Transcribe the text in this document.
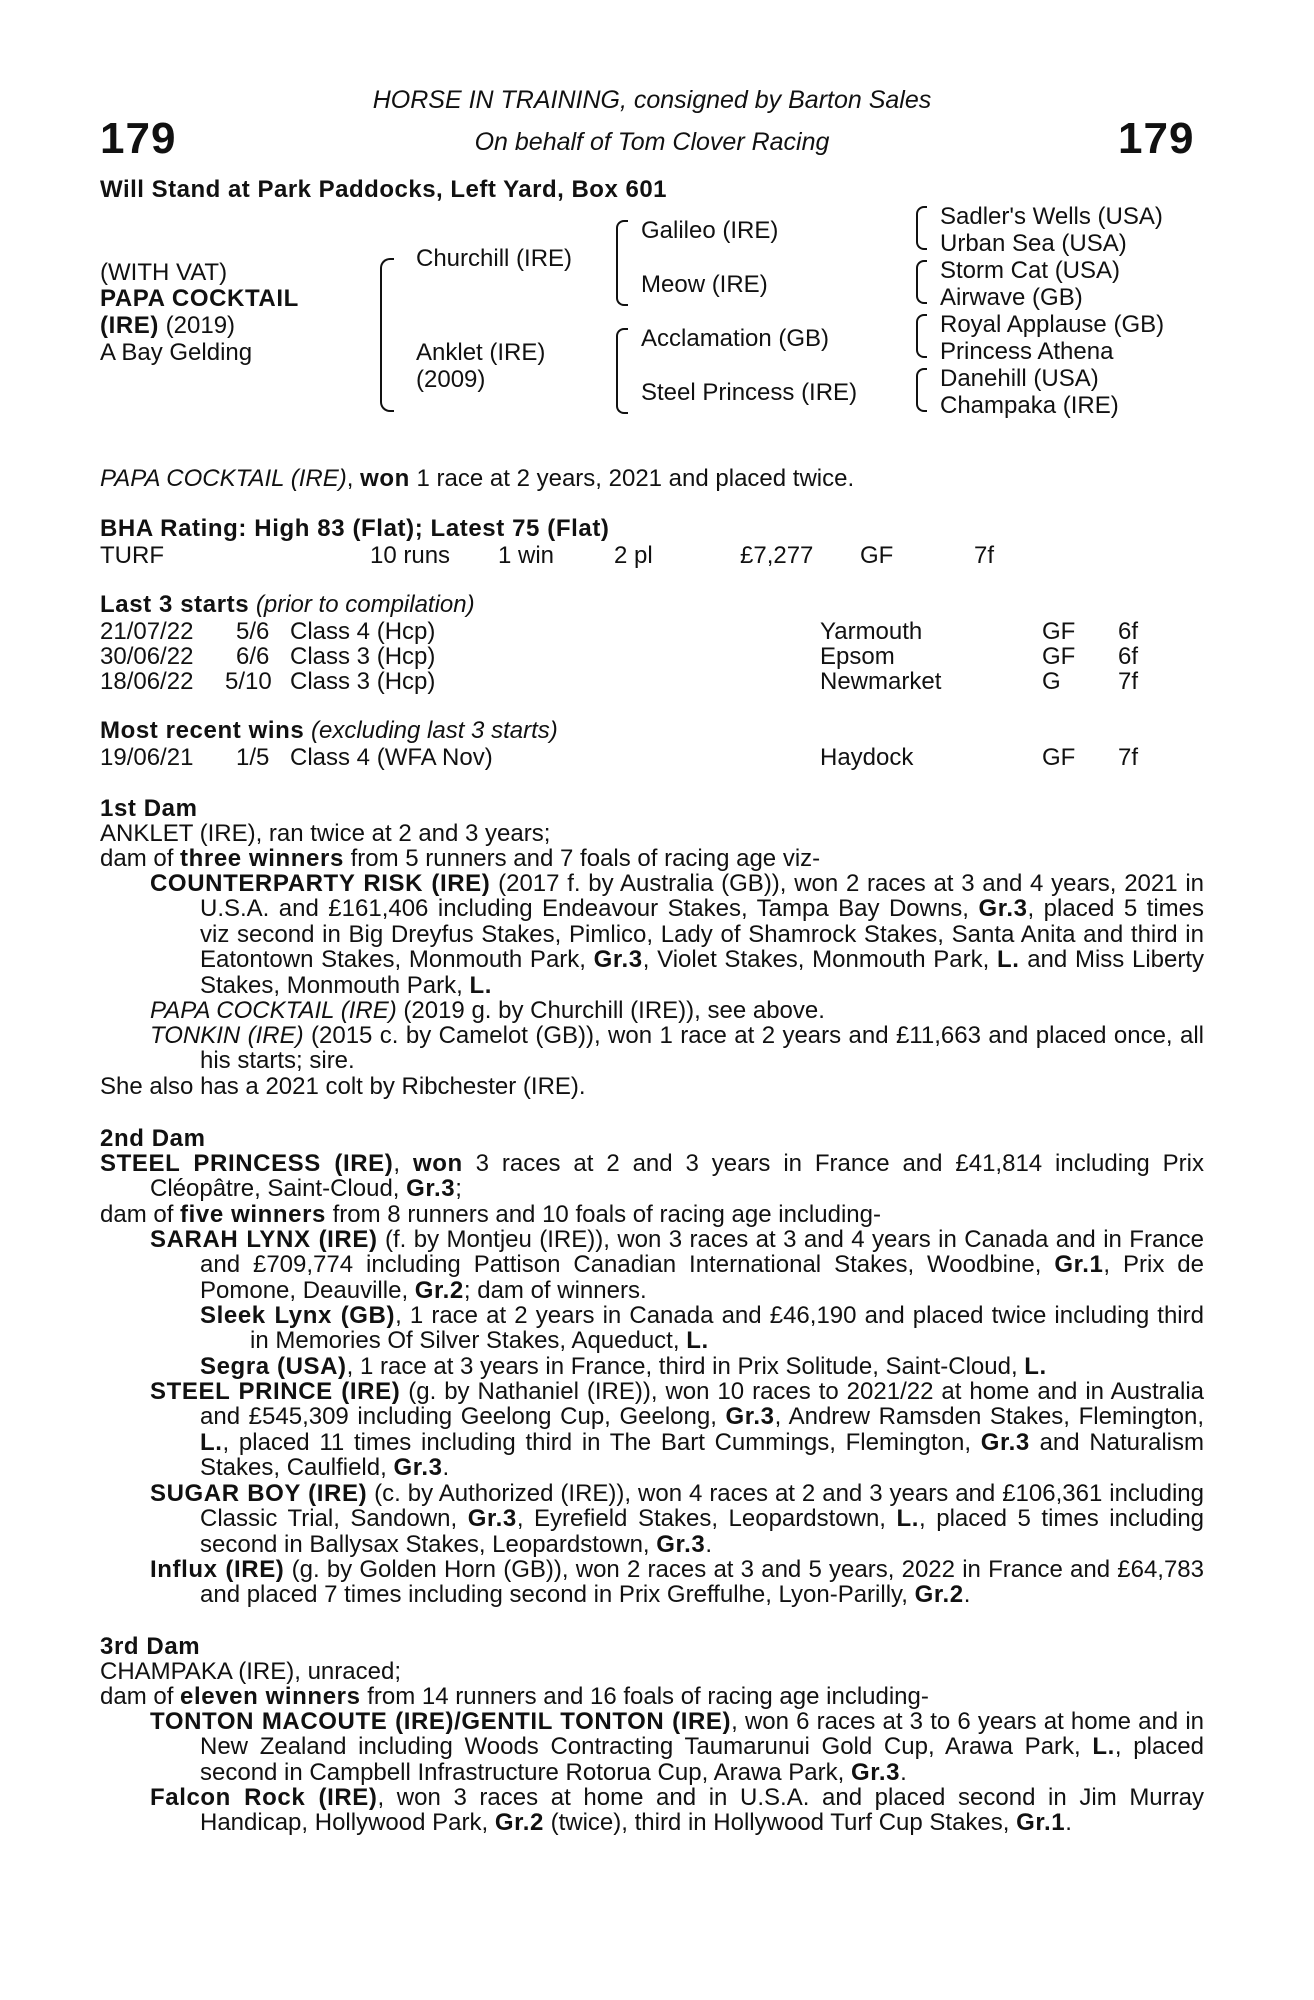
179	179
HORSE IN TRAINING, consigned by Barton Sales
On behalf of Tom Clover Racing
Will Stand at Park Paddocks, Left Yard, Box 601
(WITH VAT)
PAPA COCKTAIL
(IRE) (2019)
A Bay Gelding
Churchill (IRE)
Anklet (IRE)
(2009)
Galileo (IRE)
Meow (IRE)
Acclamation (GB)
Steel Princess (IRE)
Sadler's Wells (USA)
Urban Sea (USA)
Storm Cat (USA)
Airwave (GB)
Royal Applause (GB)
Princess Athena
Danehill (USA)
Champaka (IRE)
PAPA COCKTAIL (IRE), won 1 race at 2 years, 2021 and placed twice.
BHA Rating: High 83 (Flat); Latest 75 (Flat)
TURF	10 runs 1 win 2 pl	£7,277 GF	7f
Last 3 starts (prior to compilation)
21/07/22 5/6 Class 4 (Hcp)	Yarmouth	GF 6f
30/06/22 6/6 Class 3 (Hcp)	Epsom	GF 6f
18/06/22 5/10 Class 3 (Hcp)	Newmarket	G 7f
Most recent wins (excluding last 3 starts)
19/06/21 1/5 Class 4 (WFA Nov)	Haydock	GF 7f
1st Dam
ANKLET (IRE), ran twice at 2 and 3 years;
dam of three winners from 5 runners and 7 foals of racing age viz-
COUNTERPARTY RISK (IRE) (2017 f. by Australia (GB)), won 2 races at 3 and 4 years, 2021 in U.S.A. and £161,406 including Endeavour Stakes, Tampa Bay Downs, Gr.3, placed 5 times viz second in Big Dreyfus Stakes, Pimlico, Lady of Shamrock Stakes, Santa Anita and third in Eatontown Stakes, Monmouth Park, Gr.3, Violet Stakes, Monmouth Park, L. and Miss Liberty Stakes, Monmouth Park, L.
PAPA COCKTAIL (IRE) (2019 g. by Churchill (IRE)), see above.
TONKIN (IRE) (2015 c. by Camelot (GB)), won 1 race at 2 years and £11,663 and placed once, all his starts; sire.
She also has a 2021 colt by Ribchester (IRE).
2nd Dam
STEEL PRINCESS (IRE), won 3 races at 2 and 3 years in France and £41,814 including Prix Cléopâtre, Saint-Cloud, Gr.3;
dam of five winners from 8 runners and 10 foals of racing age including-
SARAH LYNX (IRE) (f. by Montjeu (IRE)), won 3 races at 3 and 4 years in Canada and in France and £709,774 including Pattison Canadian International Stakes, Woodbine, Gr.1, Prix de Pomone, Deauville, Gr.2; dam of winners.
Sleek Lynx (GB), 1 race at 2 years in Canada and £46,190 and placed twice including third in Memories Of Silver Stakes, Aqueduct, L.
Segra (USA), 1 race at 3 years in France, third in Prix Solitude, Saint-Cloud, L.
STEEL PRINCE (IRE) (g. by Nathaniel (IRE)), won 10 races to 2021/22 at home and in Australia and £545,309 including Geelong Cup, Geelong, Gr.3, Andrew Ramsden Stakes, Flemington, L., placed 11 times including third in The Bart Cummings, Flemington, Gr.3 and Naturalism Stakes, Caulfield, Gr.3.
SUGAR BOY (IRE) (c. by Authorized (IRE)), won 4 races at 2 and 3 years and £106,361 including Classic Trial, Sandown, Gr.3, Eyrefield Stakes, Leopardstown, L., placed 5 times including second in Ballysax Stakes, Leopardstown, Gr.3.
Influx (IRE) (g. by Golden Horn (GB)), won 2 races at 3 and 5 years, 2022 in France and £64,783 and placed 7 times including second in Prix Greffulhe, Lyon-Parilly, Gr.2.
3rd Dam
CHAMPAKA (IRE), unraced;
dam of eleven winners from 14 runners and 16 foals of racing age including-
TONTON MACOUTE (IRE)/GENTIL TONTON (IRE), won 6 races at 3 to 6 years at home and in New Zealand including Woods Contracting Taumarunui Gold Cup, Arawa Park, L., placed second in Campbell Infrastructure Rotorua Cup, Arawa Park, Gr.3.
Falcon Rock (IRE), won 3 races at home and in U.S.A. and placed second in Jim Murray Handicap, Hollywood Park, Gr.2 (twice), third in Hollywood Turf Cup Stakes, Gr.1.
